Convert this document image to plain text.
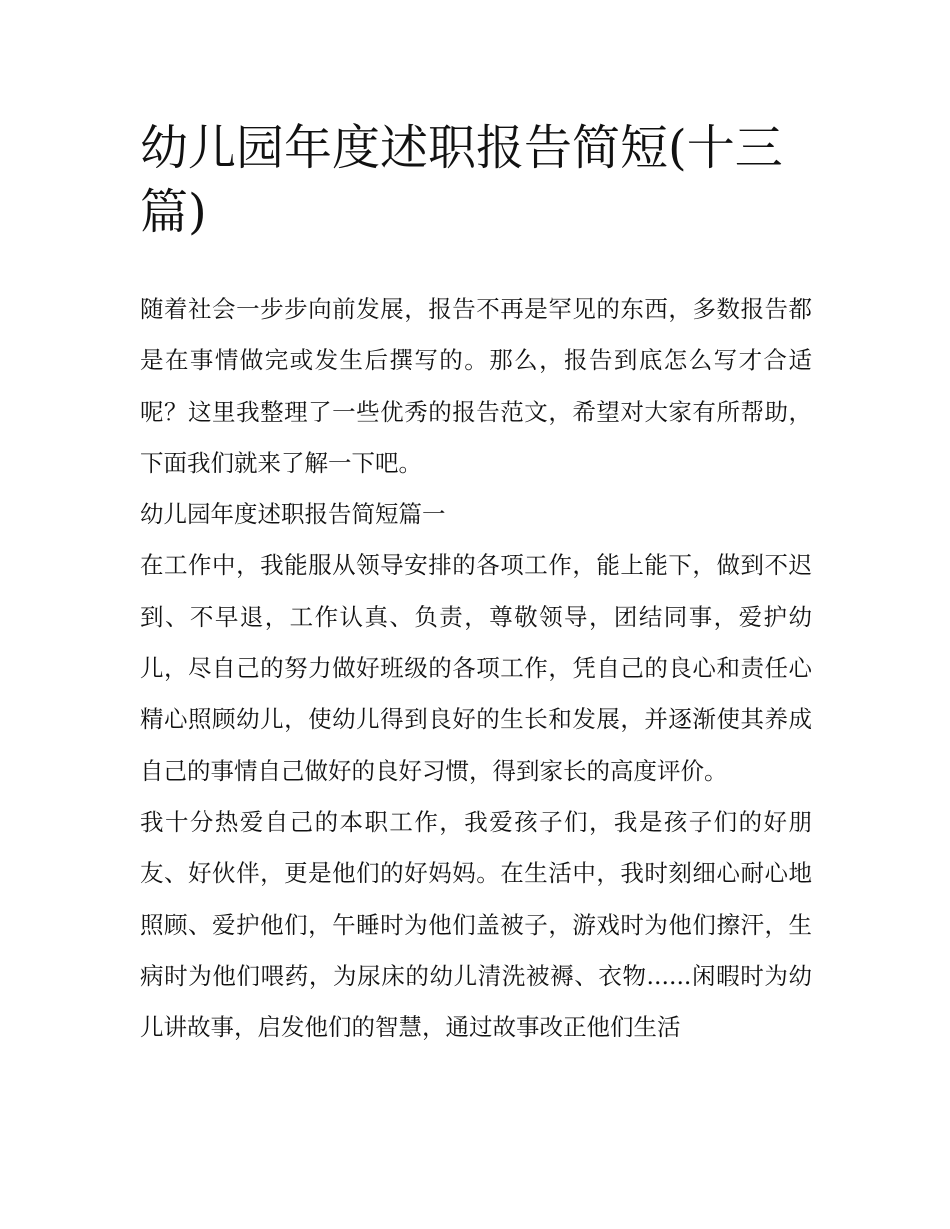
幼儿园年度述职报告简短(十三篇)

随着社会一步步向前发展，报告不再是罕见的东西，多数报告都是在事情做完或发生后撰写的。那么，报告到底怎么写才合适呢？这里我整理了一些优秀的报告范文，希望对大家有所帮助，下面我们就来了解一下吧。

幼儿园年度述职报告简短篇一

在工作中，我能服从领导安排的各项工作，能上能下，做到不迟到、不早退，工作认真、负责，尊敬领导，团结同事，爱护幼儿，尽自己的努力做好班级的各项工作，凭自己的良心和责任心精心照顾幼儿，使幼儿得到良好的生长和发展，并逐渐使其养成自己的事情自己做好的良好习惯，得到家长的高度评价。

我十分热爱自己的本职工作，我爱孩子们，我是孩子们的好朋友、好伙伴，更是他们的好妈妈。在生活中，我时刻细心耐心地照顾、爱护他们，午睡时为他们盖被子，游戏时为他们擦汗，生病时为他们喂药，为尿床的幼儿清洗被褥、衣物......闲暇时为幼儿讲故事，启发他们的智慧，通过故事改正他们生活
